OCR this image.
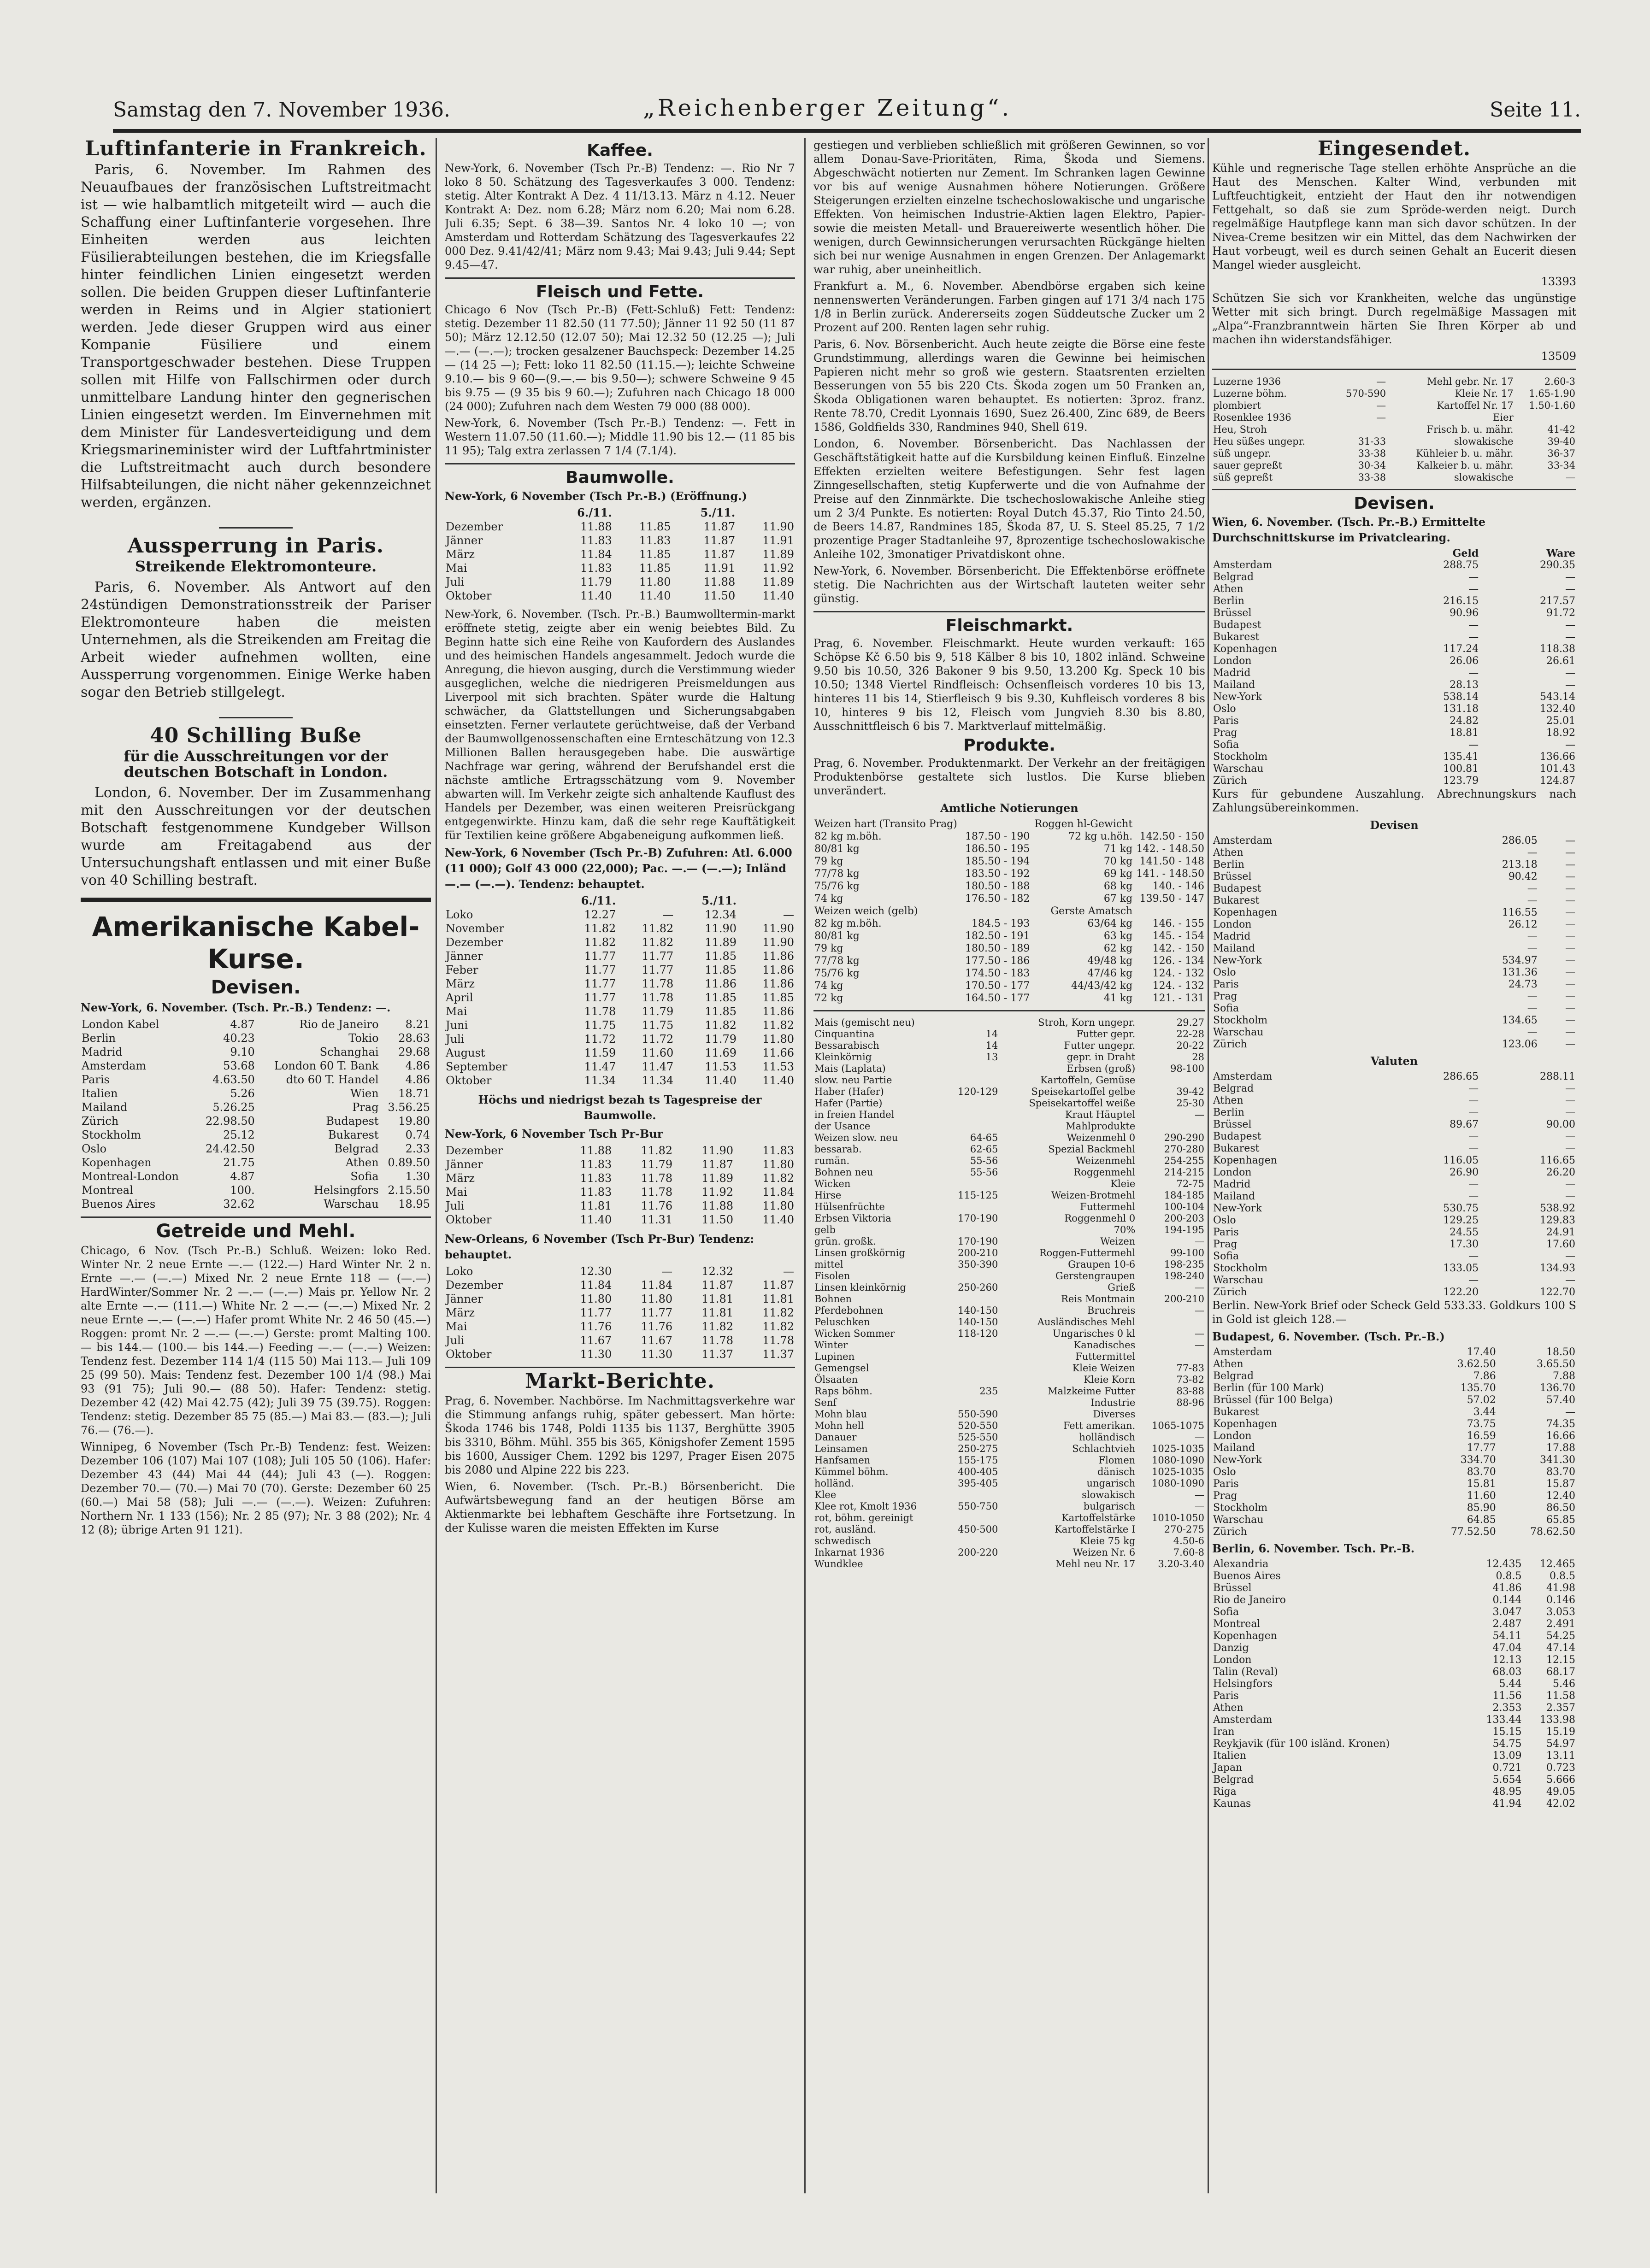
Samstag den 7. November 1936.	„Reichenberger Zeitung“.	Seite 11.
Luftinfanterie in Frankreich.
Paris, 6. November. Im Rahmen des Neuaufbaues der französischen Luftstreitmacht ist — wie halbamtlich mitgeteilt wird — auch die Schaffung einer Luftinfanterie vorgesehen. Ihre Einheiten werden aus leichten Füsilierabteilungen bestehen, die im Kriegsfalle hinter feindlichen Linien eingesetzt werden sollen. Die beiden Gruppen dieser Luftinfanterie werden in Reims und in Algier stationiert werden. Jede dieser Gruppen wird aus einer Kompanie Füsiliere und einem Transportgeschwader bestehen. Diese Truppen sollen mit Hilfe von Fallschirmen oder durch unmittelbare Landung hinter den gegnerischen Linien eingesetzt werden. Im Einvernehmen mit dem Minister für Landesverteidigung und dem Kriegsmarineminister wird der Luftfahrtminister die Luftstreitmacht auch durch besondere Hilfsabteilungen, die nicht näher gekennzeichnet werden, ergänzen.
Aussperrung in Paris.
Streikende Elektromonteure.
Paris, 6. November. Als Antwort auf den 24stündigen Demonstrationsstreik der Pariser Elektromonteure haben die meisten Unternehmen, als die Streikenden am Freitag die Arbeit wieder aufnehmen wollten, eine Aussperrung vorgenommen. Einige Werke haben sogar den Betrieb stillgelegt.
40 Schilling Buße
für die Ausschreitungen vor der deutschen Botschaft in London.
London, 6. November. Der im Zusammenhang mit den Ausschreitungen vor der deutschen Botschaft festgenommene Kundgeber Willson wurde am Freitagabend aus der Untersuchungshaft entlassen und mit einer Buße von 40 Schilling bestraft.
Amerikanische Kabel-Kurse.
Devisen.
New-York, 6. November. (Tsch. Pr.-B.) Tendenz: —.
London Kabel	4.87	Rio de Janeiro	8.21
Berlin	40.23	Tokio	28.63
Madrid	9.10	Schanghai	29.68
Amsterdam	53.68	London 60 T. Bank	4.86
Paris	4.63.50	dto 60 T. Handel	4.86
Italien	5.26	Wien	18.71
Mailand	5.26.25	Prag	3.56.25
Zürich	22.98.50	Budapest	19.80
Stockholm	25.12	Bukarest	0.74
Oslo	24.42.50	Belgrad	2.33
Kopenhagen	21.75	Athen	0.89.50
Montreal-London	4.87	Sofia	1.30
Montreal	100.	Helsingfors	2.15.50
Buenos Aires	32.62	Warschau	18.95
Getreide und Mehl.
Chicago, 6 Nov. (Tsch Pr.-B.) Schluß. Weizen: loko Red. Winter Nr. 2 neue Ernte —.— (122.—) Hard Winter Nr. 2 n. Ernte —.— (—.—) Mixed Nr. 2 neue Ernte 118 — (—.—) HardWinter/Sommer Nr. 2 —.— (—.—) Mais pr. Yellow Nr. 2 alte Ernte —.— (111.—) White Nr. 2 —.— (—.—) Mixed Nr. 2 neue Ernte —.— (—.—) Hafer promt White Nr. 2 46 50 (45.—) Roggen: promt Nr. 2 —.— (—.—) Gerste: promt Malting 100.— bis 144.— (100.— bis 144.—) Feeding —.— (—.—) Weizen: Tendenz fest. Dezember 114 1/4 (115 50) Mai 113.— Juli 109 25 (99 50). Mais: Tendenz fest. Dezember 100 1/4 (98.) Mai 93 (91 75); Juli 90.— (88 50). Hafer: Tendenz: stetig. Dezember 42 (42) Mai 42.75 (42); Juli 39 75 (39.75). Roggen: Tendenz: stetig. Dezember 85 75 (85.—) Mai 83.— (83.—); Juli 76.— (76.—).
Winnipeg, 6 November (Tsch Pr.-B) Tendenz: fest. Weizen: Dezember 106 (107) Mai 107 (108); Juli 105 50 (106). Hafer: Dezember 43 (44) Mai 44 (44); Juli 43 (—). Roggen: Dezember 70.— (70.—) Mai 70 (70). Gerste: Dezember 60 25 (60.—) Mai 58 (58); Juli —.— (—.—). Weizen: Zufuhren: Northern Nr. 1 133 (156); Nr. 2 85 (97); Nr. 3 88 (202); Nr. 4 12 (8); übrige Arten 91 121).
Kaffee.
New-York, 6. November (Tsch Pr.-B) Tendenz: —. Rio Nr 7 loko 8 50. Schätzung des Tagesverkaufes 3 000. Tendenz: stetig. Alter Kontrakt A Dez. 4 11/13.13. März n 4.12. Neuer Kontrakt A: Dez. nom 6.28; März nom 6.20; Mai nom 6.28. Juli 6.35; Sept. 6 38—39. Santos Nr. 4 loko 10 —; von Amsterdam und Rotterdam Schätzung des Tagesverkaufes 22 000 Dez. 9.41/42/41; März nom 9.43; Mai 9.43; Juli 9.44; Sept 9.45—47.
Fleisch und Fette.
Chicago 6 Nov (Tsch Pr.-B) (Fett-Schluß) Fett: Tendenz: stetig. Dezember 11 82.50 (11 77.50); Jänner 11 92 50 (11 87 50); März 12.12.50 (12.07 50); Mai 12.32 50 (12.25 —); Juli —.— (—.—); trocken gesalzener Bauchspeck: Dezember 14.25 — (14 25 —); Fett: loko 11 82.50 (11.15.—); leichte Schweine 9.10.— bis 9 60—(9.—.— bis 9.50—); schwere Schweine 9 45 bis 9.75 — (9 35 bis 9 60.—); Zufuhren nach Chicago 18 000 (24 000); Zufuhren nach dem Westen 79 000 (88 000).
New-York, 6. November (Tsch Pr.-B.) Tendenz: —. Fett in Western 11.07.50 (11.60.—); Middle 11.90 bis 12.— (11 85 bis 11 95); Talg extra zerlassen 7 1/4 (7.1/4).
Baumwolle.
New-York, 6 November (Tsch Pr.-B.) (Eröffnung.)
	6./11.		5./11.	
Dezember	11.88	11.85	11.87	11.90
Jänner	11.83	11.83	11.87	11.91
März	11.84	11.85	11.87	11.89
Mai	11.83	11.85	11.91	11.92
Juli	11.79	11.80	11.88	11.89
Oktober	11.40	11.40	11.50	11.40
New-York, 6. November. (Tsch. Pr.-B.) Baumwolltermin-markt eröffnete stetig, zeigte aber ein wenig beiebtes Bild. Zu Beginn hatte sich eine Reihe von Kaufordern des Auslandes und des heimischen Handels angesammelt. Jedoch wurde die Anregung, die hievon ausging, durch die Verstimmung wieder ausgeglichen, welche die niedrigeren Preismeldungen aus Liverpool mit sich brachten. Später wurde die Haltung schwächer, da Glattstellungen und Sicherungsabgaben einsetzten. Ferner verlautete gerüchtweise, daß der Verband der Baumwollgenossenschaften eine Ernteschätzung von 12.3 Millionen Ballen herausgegeben habe. Die auswärtige Nachfrage war gering, während der Berufshandel erst die nächste amtliche Ertragsschätzung vom 9. November abwarten will. Im Verkehr zeigte sich anhaltende Kauflust des Handels per Dezember, was einen weiteren Preisrückgang entgegenwirkte. Hinzu kam, daß die sehr rege Kauftätigkeit für Textilien keine größere Abgabeneigung aufkommen ließ.
New-York, 6 November (Tsch Pr.-B) Zufuhren: Atl. 6.000 (11 000); Golf 43 000 (22,000); Pac. —.— (—.—); Inländ —.— (—.—). Tendenz: behauptet.
	6./11.		5./11.	
Loko	12.27	—	12.34	—
November	11.82	11.82	11.90	11.90
Dezember	11.82	11.82	11.89	11.90
Jänner	11.77	11.77	11.85	11.86
Feber	11.77	11.77	11.85	11.86
März	11.77	11.78	11.86	11.86
April	11.77	11.78	11.85	11.85
Mai	11.78	11.79	11.85	11.86
Juni	11.75	11.75	11.82	11.82
Juli	11.72	11.72	11.79	11.80
August	11.59	11.60	11.69	11.66
September	11.47	11.47	11.53	11.53
Oktober	11.34	11.34	11.40	11.40
Höchs und niedrigst bezah ts Tagespreise der Baumwolle.
New-York, 6 November Tsch Pr-Bur
Dezember	11.88	11.82	11.90	11.83
Jänner	11.83	11.79	11.87	11.80
März	11.83	11.78	11.89	11.82
Mai	11.83	11.78	11.92	11.84
Juli	11.81	11.76	11.88	11.80
Oktober	11.40	11.31	11.50	11.40
New-Orleans, 6 November (Tsch Pr-Bur) Tendenz: behauptet.
Loko	12.30	—	12.32	—
Dezember	11.84	11.84	11.87	11.87
Jänner	11.80	11.80	11.81	11.81
März	11.77	11.77	11.81	11.82
Mai	11.76	11.76	11.82	11.82
Juli	11.67	11.67	11.78	11.78
Oktober	11.30	11.30	11.37	11.37
Markt-Berichte.
Prag, 6. November. Nachbörse. Im Nachmittagsverkehre war die Stimmung anfangs ruhig, später gebessert. Man hörte: Škoda 1746 bis 1748, Poldi 1135 bis 1137, Berghütte 3905 bis 3310, Böhm. Mühl. 355 bis 365, Königshofer Zement 1595 bis 1600, Aussiger Chem. 1292 bis 1297, Prager Eisen 2075 bis 2080 und Alpine 222 bis 223.
Wien, 6. November. (Tsch. Pr.-B.) Börsenbericht. Die Aufwärtsbewegung fand an der heutigen Börse am Aktienmarkte bei lebhaftem Geschäfte ihre Fortsetzung. In der Kulisse waren die meisten Effekten im Kurse
gestiegen und verblieben schließlich mit größeren Gewinnen, so vor allem Donau-Save-Prioritäten, Rima, Škoda und Siemens. Abgeschwächt notierten nur Zement. Im Schranken lagen Gewinne vor bis auf wenige Ausnahmen höhere Notierungen. Größere Steigerungen erzielten einzelne tschechoslowakische und ungarische Effekten. Von heimischen Industrie-Aktien lagen Elektro, Papier- sowie die meisten Metall- und Brauereiwerte wesentlich höher. Die wenigen, durch Gewinnsicherungen verursachten Rückgänge hielten sich bei nur wenige Ausnahmen in engen Grenzen. Der Anlagemarkt war ruhig, aber uneinheitlich.
Frankfurt a. M., 6. November. Abendbörse ergaben sich keine nennenswerten Veränderungen. Farben gingen auf 171 3/4 nach 175 1/8 in Berlin zurück. Andererseits zogen Süddeutsche Zucker um 2 Prozent auf 200. Renten lagen sehr ruhig.
Paris, 6. Nov. Börsenbericht. Auch heute zeigte die Börse eine feste Grundstimmung, allerdings waren die Gewinne bei heimischen Papieren nicht mehr so groß wie gestern. Staatsrenten erzielten Besserungen von 55 bis 220 Cts. Škoda zogen um 50 Franken an, Škoda Obligationen waren behauptet. Es notierten: 3proz. franz. Rente 78.70, Credit Lyonnais 1690, Suez 26.400, Zinc 689, de Beers 1586, Goldfields 330, Randmines 940, Shell 619.
London, 6. November. Börsenbericht. Das Nachlassen der Geschäftstätigkeit hatte auf die Kursbildung keinen Einfluß. Einzelne Effekten erzielten weitere Befestigungen. Sehr fest lagen Zinngesellschaften, stetig Kupferwerte und die von Aufnahme der Preise auf den Zinnmärkte. Die tschechoslowakische Anleihe stieg um 2 3/4 Punkte. Es notierten: Royal Dutch 45.37, Rio Tinto 24.50, de Beers 14.87, Randmines 185, Škoda 87, U. S. Steel 85.25, 7 1/2 prozentige Prager Stadtanleihe 97, 8prozentige tschechoslowakische Anleihe 102, 3monatiger Privatdiskont ohne.
New-York, 6. November. Börsenbericht. Die Effektenbörse eröffnete stetig. Die Nachrichten aus der Wirtschaft lauteten weiter sehr günstig.
Fleischmarkt.
Prag, 6. November. Fleischmarkt. Heute wurden verkauft: 165 Schöpse Kč 6.50 bis 9, 518 Kälber 8 bis 10, 1802 inländ. Schweine 9.50 bis 10.50, 326 Bakoner 9 bis 9.50, 13.200 Kg. Speck 10 bis 10.50; 1348 Viertel Rindfleisch: Ochsenfleisch vorderes 10 bis 13, hinteres 11 bis 14, Stierfleisch 9 bis 9.30, Kuhfleisch vorderes 8 bis 10, hinteres 9 bis 12, Fleisch vom Jungvieh 8.30 bis 8.80, Ausschnittfleisch 6 bis 7. Marktverlauf mittelmäßig.
Produkte.
Prag, 6. November. Produktenmarkt. Der Verkehr an der freitägigen Produktenbörse gestaltete sich lustlos. Die Kurse blieben unverändert.
Amtliche Notierungen
Weizen hart (Transito Prag)		Roggen hl-Gewicht	
82 kg m.böh.	187.50 - 190	72 kg u.höh.	142.50 - 150
80/81 kg	186.50 - 195	71 kg	142. - 148.50
79 kg	185.50 - 194	70 kg	141.50 - 148
77/78 kg	183.50 - 192	69 kg	141. - 148.50
75/76 kg	180.50 - 188	68 kg	140. - 146
74 kg	176.50 - 182	67 kg	139.50 - 147
Weizen weich (gelb)		Gerste Amatsch	
82 kg m.böh.	184.5 - 193	63/64 kg	146. - 155
80/81 kg	182.50 - 191	63 kg	145. - 154
79 kg	180.50 - 189	62 kg	142. - 150
77/78 kg	177.50 - 186	49/48 kg	126. - 134
75/76 kg	174.50 - 183	47/46 kg	124. - 132
74 kg	170.50 - 177	44/43/42 kg	124. - 132
72 kg	164.50 - 177	41 kg	121. - 131
Mais (gemischt neu)		Stroh, Korn ungepr.	29.27
Cinquantina	14	Futter gepr.	22-28
Bessarabisch	14	Futter ungepr.	20-22
Kleinkörnig	13	gepr. in Draht	28
Mais (Laplata)		Erbsen (groß)	98-100
slow. neu Partie		Kartoffeln, Gemüse	
Haber (Hafer)	120-129	Speisekartoffel gelbe	39-42
Hafer (Partie)		Speisekartoffel weiße	25-30
in freien Handel		Kraut Häuptel	—
der Usance		Mahlprodukte	
Weizen slow. neu	64-65	Weizenmehl 0	290-290
bessarab.	62-65	Spezial Backmehl	270-280
rumän.	55-56	Weizenmehl	254-255
Bohnen neu	55-56	Roggenmehl	214-215
Wicken		Kleie	72-75
Hirse	115-125	Weizen-Brotmehl	184-185
Hülsenfrüchte		Futtermehl	100-104
Erbsen Viktoria	170-190	Roggenmehl 0	200-203
gelb		70%	194-195
grün. großk.	170-190	Weizen	—
Linsen großkörnig	200-210	Roggen-Futtermehl	99-100
mittel	350-390	Graupen 10-6	198-235
Fisolen		Gerstengraupen	198-240
Linsen kleinkörnig	250-260	Grieß	—
Bohnen		Reis Montmain	200-210
Pferdebohnen	140-150	Bruchreis	—
Peluschken	140-150	Ausländisches Mehl	
Wicken Sommer	118-120	Ungarisches 0 kl	—
Winter		Kanadisches	—
Lupinen		Futtermittel	
Gemengsel		Kleie Weizen	77-83
Ölsaaten		Kleie Korn	73-82
Raps böhm.	235	Malzkeime Futter	83-88
Senf		Industrie	88-96
Mohn blau	550-590	Diverses	
Mohn hell	520-550	Fett amerikan.	1065-1075
Danauer	525-550	holländisch	—
Leinsamen	250-275	Schlachtvieh	1025-1035
Hanfsamen	155-175	Flomen	1080-1090
Kümmel böhm.	400-405	dänisch	1025-1035
holländ.	395-405	ungarisch	1080-1090
Klee		slowakisch	—
Klee rot, Kmolt 1936	550-750	bulgarisch	—
rot, böhm. gereinigt		Kartoffelstärke	1010-1050
rot, ausländ.	450-500	Kartoffelstärke I	270-275
schwedisch		Kleie 75 kg	4.50-6
Inkarnat 1936	200-220	Weizen Nr. 6	7.60-8
Wundklee		Mehl neu Nr. 17	3.20-3.40
Eingesendet.
Kühle und regnerische Tage stellen erhöhte Ansprüche an die Haut des Menschen. Kalter Wind, verbunden mit Luftfeuchtigkeit, entzieht der Haut den ihr notwendigen Fettgehalt, so daß sie zum Spröde-werden neigt. Durch regelmäßige Hautpflege kann man sich davor schützen. In der Nivea-Creme besitzen wir ein Mittel, das dem Nachwirken der Haut vorbeugt, weil es durch seinen Gehalt an Eucerit diesen Mangel wieder ausgleicht.
13393
Schützen Sie sich vor Krankheiten, welche das ungünstige Wetter mit sich bringt. Durch regelmäßige Massagen mit „Alpa“-Franzbranntwein härten Sie Ihren Körper ab und machen ihn widerstandsfähiger.
13509
Luzerne 1936	—	Mehl gebr. Nr. 17	2.60-3
Luzerne böhm.	570-590	Kleie Nr. 17	1.65-1.90
plombiert	—	Kartoffel Nr. 17	1.50-1.60
Rosenklee 1936	—	Eier	
Heu, Stroh		Frisch b. u. mähr.	41-42
Heu süßes ungepr.	31-33	slowakische	39-40
süß ungepr.	33-38	Kühleier b. u. mähr.	36-37
sauer gepreßt	30-34	Kalkeier b. u. mähr.	33-34
süß gepreßt	33-38	slowakische	—
Devisen.
Wien, 6. November. (Tsch. Pr.-B.) Ermittelte Durchschnittskurse im Privatclearing.
	Geld	Ware
Amsterdam	288.75	290.35
Belgrad	—	—
Athen	—	—
Berlin	216.15	217.57
Brüssel	90.96	91.72
Budapest	—	—
Bukarest	—	—
Kopenhagen	117.24	118.38
London	26.06	26.61
Madrid	—	—
Mailand	28.13	—
New-York	538.14	543.14
Oslo	131.18	132.40
Paris	24.82	25.01
Prag	18.81	18.92
Sofia	—	—
Stockholm	135.41	136.66
Warschau	100.81	101.43
Zürich	123.79	124.87
Kurs für gebundene Auszahlung. Abrechnungskurs nach Zahlungsübereinkommen.
Devisen
Amsterdam	286.05	—
Athen	—	—
Berlin	213.18	—
Brüssel	90.42	—
Budapest	—	—
Bukarest	—	—
Kopenhagen	116.55	—
London	26.12	—
Madrid	—	—
Mailand	—	—
New-York	534.97	—
Oslo	131.36	—
Paris	24.73	—
Prag	—	—
Sofia	—	—
Stockholm	134.65	—
Warschau	—	—
Zürich	123.06	—
Valuten
Amsterdam	286.65	288.11
Belgrad	—	—
Athen	—	—
Berlin	—	—
Brüssel	89.67	90.00
Budapest	—	—
Bukarest	—	—
Kopenhagen	116.05	116.65
London	26.90	26.20
Madrid	—	—
Mailand	—	—
New-York	530.75	538.92
Oslo	129.25	129.83
Paris	24.55	24.91
Prag	17.30	17.60
Sofia	—	—
Stockholm	133.05	134.93
Warschau	—	—
Zürich	122.20	122.70
Berlin. New-York Brief oder Scheck Geld 533.33. Goldkurs 100 S in Gold ist gleich 128.—
Budapest, 6. November. (Tsch. Pr.-B.)
Amsterdam	17.40	18.50
Athen	3.62.50	3.65.50
Belgrad	7.86	7.88
Berlin (für 100 Mark)	135.70	136.70
Brüssel (für 100 Belga)	57.02	57.40
Bukarest	3.44	—
Kopenhagen	73.75	74.35
London	16.59	16.66
Mailand	17.77	17.88
New-York	334.70	341.30
Oslo	83.70	83.70
Paris	15.81	15.87
Prag	11.60	12.40
Stockholm	85.90	86.50
Warschau	64.85	65.85
Zürich	77.52.50	78.62.50
Berlin, 6. November. Tsch. Pr.-B.
Alexandria	12.435	12.465
Buenos Aires	0.8.5	0.8.5
Brüssel	41.86	41.98
Rio de Janeiro	0.144	0.146
Sofia	3.047	3.053
Montreal	2.487	2.491
Kopenhagen	54.11	54.25
Danzig	47.04	47.14
London	12.13	12.15
Talin (Reval)	68.03	68.17
Helsingfors	5.44	5.46
Paris	11.56	11.58
Athen	2.353	2.357
Amsterdam	133.44	133.98
Iran	15.15	15.19
Reykjavik (für 100 isländ. Kronen)	54.75	54.97
Italien	13.09	13.11
Japan	0.721	0.723
Belgrad	5.654	5.666
Riga	48.95	49.05
Kaunas	41.94	42.02
